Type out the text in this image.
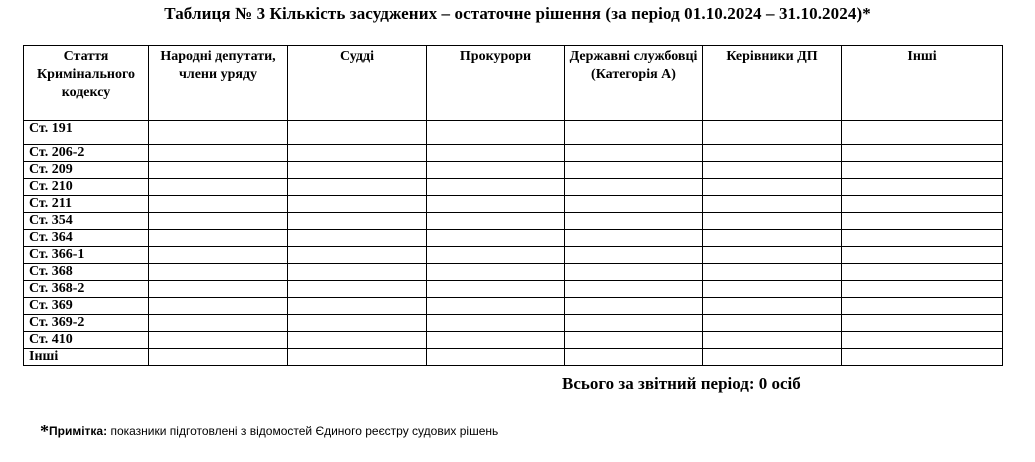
Таблиця № 3 Кількість засуджених – остаточне рішення (за період 01.10.2024 – 31.10.2024)*
Стаття Кримінального кодексу	Народні депутати, члени уряду	Судді	Прокурори	Державні службовці (Категорія А)	Керівники ДП	Інші
Ст. 191						
Ст. 206-2						
Ст. 209						
Ст. 210						
Ст. 211						
Ст. 354						
Ст. 364						
Ст. 366-1						
Ст. 368						
Ст. 368-2						
Ст. 369						
Ст. 369-2						
Ст. 410						
Інші						
Всього за звітний період: 0 осіб
*Примітка: показники підготовлені з відомостей Єдиного реєстру судових рішень
